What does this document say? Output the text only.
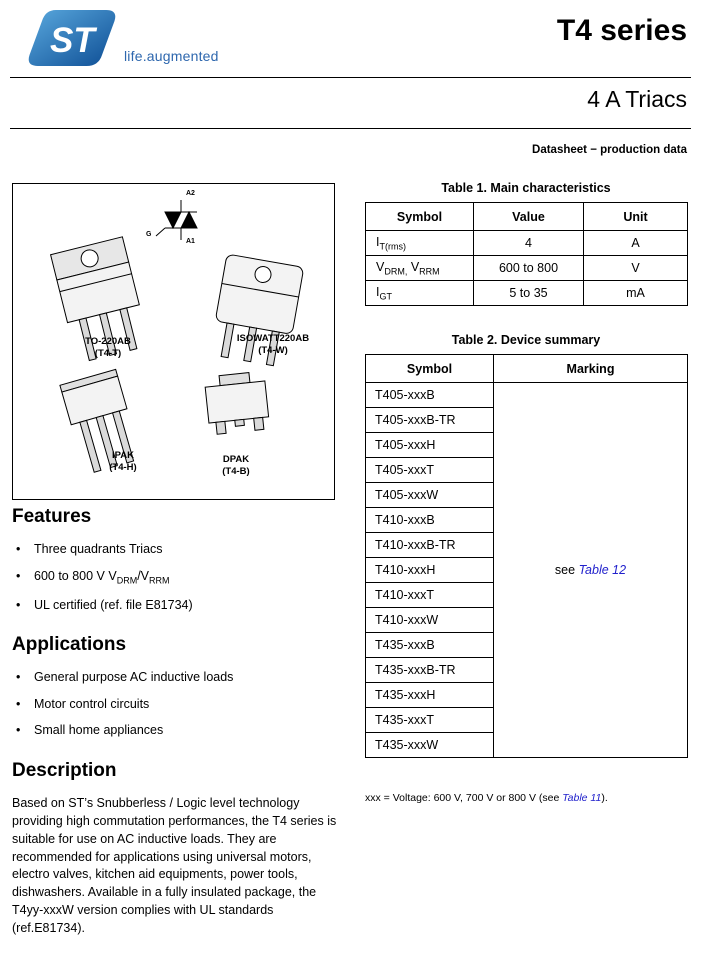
ST life.augmented
T4 series
4 A Triacs
Datasheet − production data
A2
A1
G
TO-220AB
(T4-T)
ISOWATT220AB
(T4-W)
IPAK
(T4-H)
DPAK
(T4-B)
Features
Three quadrants Triacs
600 to 800 V $V_{DRM}/V_{RRM}$
UL certified (ref. file E81734)
Applications
General purpose AC inductive loads
Motor control circuits
Small home appliances
Description
Based on ST’s Snubberless / Logic level technology providing high commutation performances, the T4 series is suitable for use on AC inductive loads. They are recommended for applications using universal motors, electro valves, kitchen aid equipments, power tools, dishwashers. Available in a fully insulated package, the T4yy-xxxW version complies with UL standards (ref.E81734).
Table 1. Main characteristics
Symbol	Value	Unit
$I_{T(rms)}$	4	A
$V_{DRM,}$ $V_{RRM}$	600 to 800	V
$I_{GT}$	5 to 35	mA
Table 2. Device summary
Symbol	Marking
T405-xxxB	see Table 12
T405-xxxB-TR	
T405-xxxH	
T405-xxxT	
T405-xxxW	
T410-xxxB	
T410-xxxB-TR	
T410-xxxH	
T410-xxxT	
T410-xxxW	
T435-xxxB	
T435-xxxB-TR	
T435-xxxH	
T435-xxxT	
T435-xxxW	
xxx = Voltage: 600 V, 700 V or 800 V (see Table 11).
